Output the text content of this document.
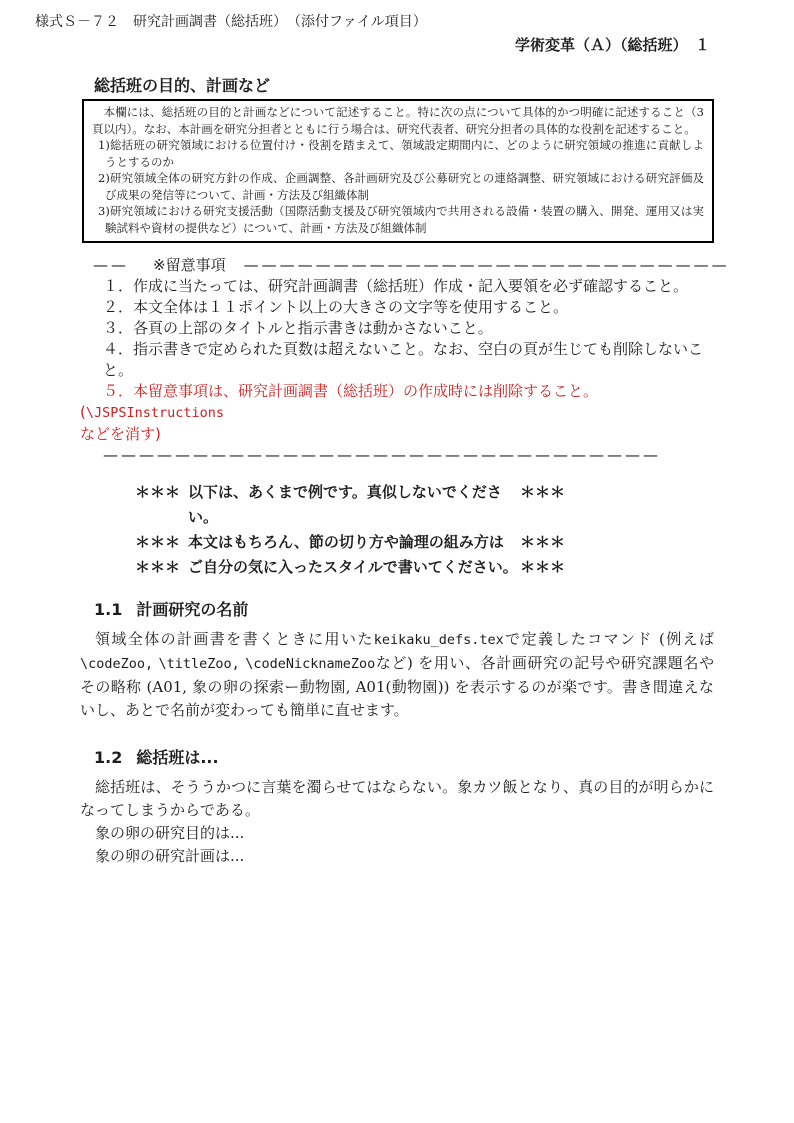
様式Ｓ－７２　研究計画調書（総括班）　（添付ファイル項目）
学術変革（Ａ）（総括班）　１
総括班の目的、計画など
本欄には、総括班の目的と計画などについて記述すること。特に次の点について具体的かつ明確に記述すること（3頁以内）。なお、本計画を研究分担者とともに行う場合は、研究代表者、研究分担者の具体的な役割を記述すること。
1)総括班の研究領域における位置付け・役割を踏まえて、領域設定期間内に、どのように研究領域の推進に貢献しようとするのか
2)研究領域全体の研究方針の作成、企画調整、各計画研究及び公募研究との連絡調整、研究領域における研究評価及び成果の発信等について、計画・方法及び組織体制
3)研究領域における研究支援活動（国際活動支援及び研究領域内で共用される設備・装置の購入、開発、運用又は実験試料や資材の提供など）について、計画・方法及び組織体制
—— ※留意事項 ———————————————————————————
１．作成に当たっては、研究計画調書（総括班）作成・記入要領を必ず確認すること。
２．本文全体は１１ポイント以上の大きさの文字等を使用すること。
３．各頁の上部のタイトルと指示書きは動かさないこと。
４．指示書きで定められた頁数は超えないこと。なお、空白の頁が生じても削除しないこと。
５．本留意事項は、研究計画調書（総括班）の作成時には削除すること。(\JSPSInstructions
などを消す)
———————————————————————————————
＊＊＊ 以下は、あくまで例です。真似しないでください。
＊＊＊
＊＊＊ 本文はもちろん、節の切り方や論理の組み方は	＊＊＊
＊＊＊ ご自分の気に入ったスタイルで書いてください。 ＊＊＊
1.1 計画研究の名前
領域全体の計画書を書くときに用いたkeikaku_defs.texで定義したコマンド (例えば\codeZoo, \titleZoo, \codeNicknameZooなど) を用い、各計画研究の記号や研究課題名やその略称 (A01, 象の卵の探索ー動物園, A01(動物園)) を表示するのが楽です。書き間違えないし、あとで名前が変わっても簡単に直せます。
1.2 総括班は...
総括班は、そううかつに言葉を濁らせてはならない。象カツ飯となり、真の目的が明らかになってしまうからである。
象の卵の研究目的は...
象の卵の研究計画は...
